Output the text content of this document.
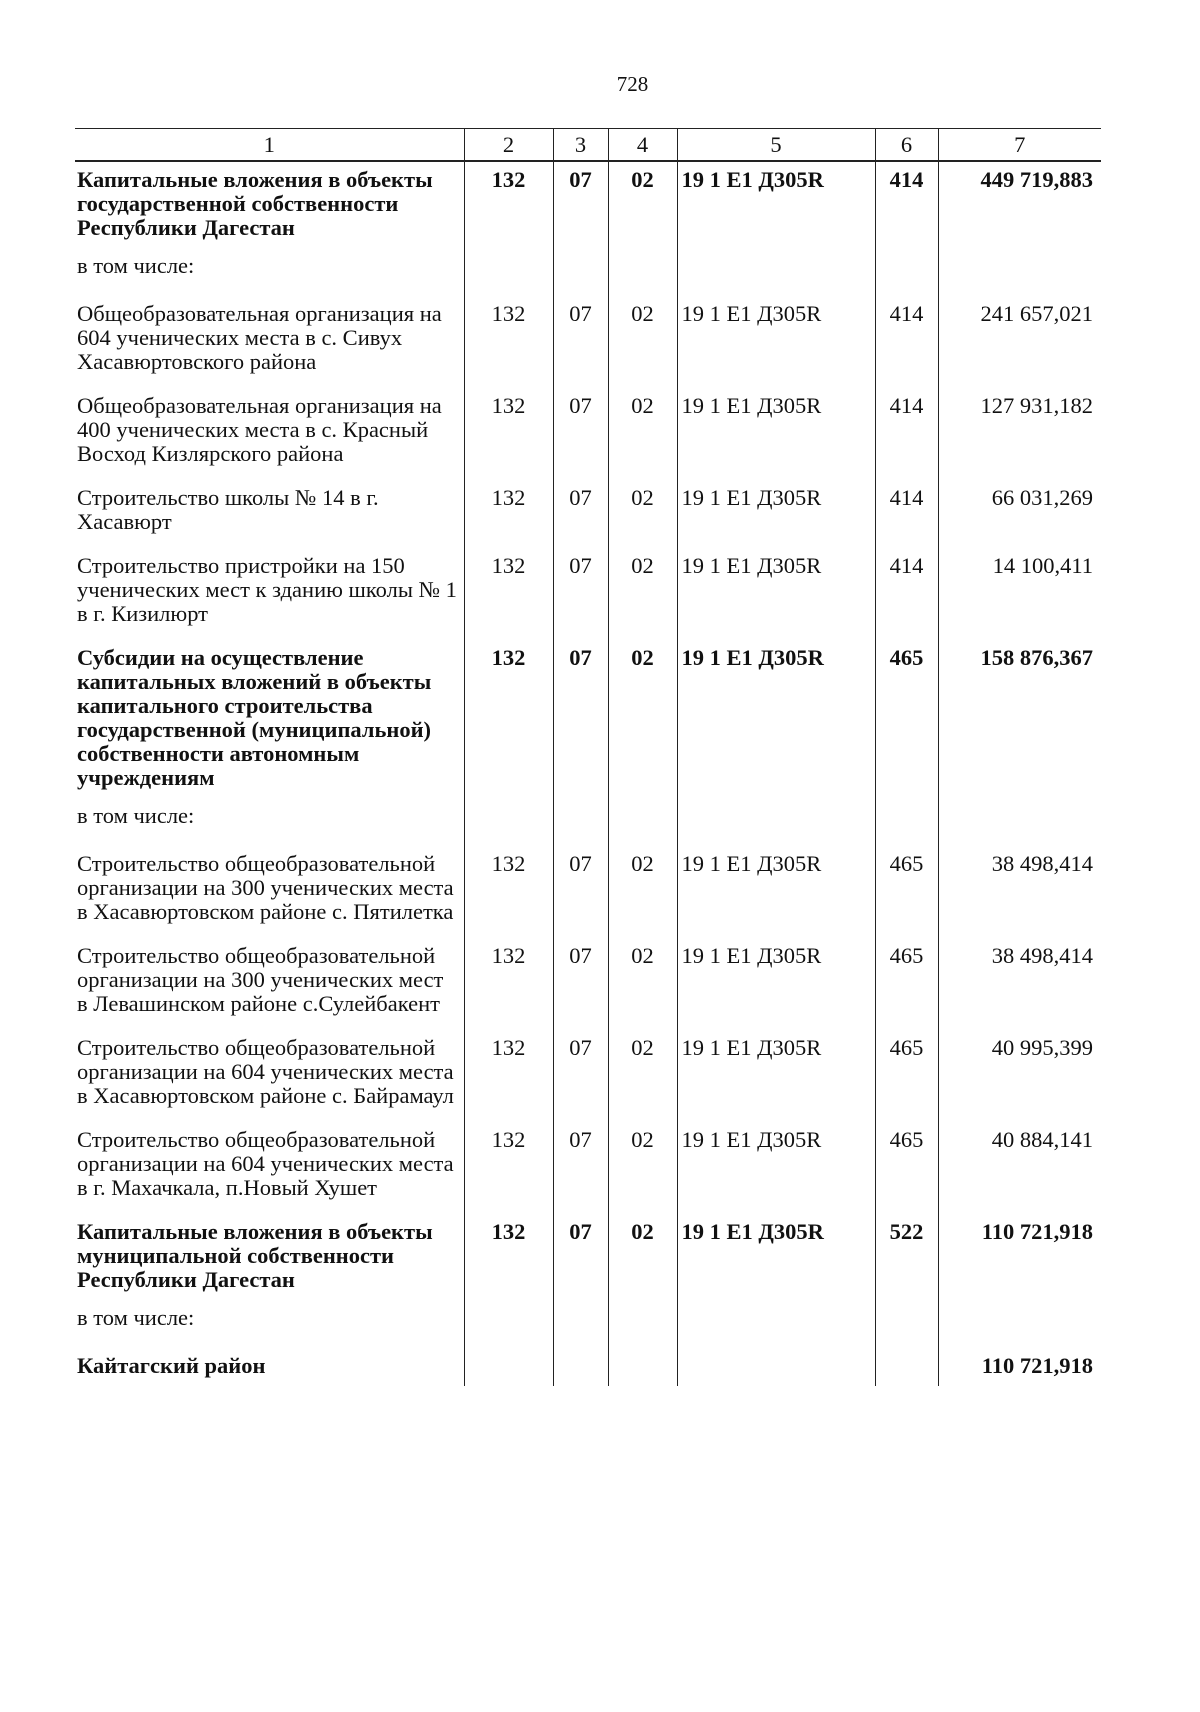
728
1	2	3	4	5	6	7
Капитальные вложения в объекты государственной собственности Республики Дагестан	132	07	02	19 1 Е1 Д305R	414	449 719,883
в том числе:						
Общеобразовательная организация на 604 ученических места в с. Сивух Хасавюртовского района	132	07	02	19 1 Е1 Д305R	414	241 657,021
Общеобразовательная организация на 400 ученических места в с. Красный Восход Кизлярского района	132	07	02	19 1 Е1 Д305R	414	127 931,182
Строительство школы № 14 в г. Хасавюрт	132	07	02	19 1 Е1 Д305R	414	66 031,269
Строительство пристройки на 150 ученических мест к зданию школы № 1 в г. Кизилюрт	132	07	02	19 1 Е1 Д305R	414	14 100,411
Субсидии на осуществление капитальных вложений в объекты капитального строительства государственной (муниципальной) собственности автономным учреждениям	132	07	02	19 1 Е1 Д305R	465	158 876,367
в том числе:						
Строительство общеобразовательной организации на 300 ученических места в Хасавюртовском районе с. Пятилетка	132	07	02	19 1 Е1 Д305R	465	38 498,414
Строительство общеобразовательной организации на 300 ученических мест в Левашинском районе с.Сулейбакент	132	07	02	19 1 Е1 Д305R	465	38 498,414
Строительство общеобразовательной организации на 604 ученических места в Хасавюртовском районе с. Байрамаул	132	07	02	19 1 Е1 Д305R	465	40 995,399
Строительство общеобразовательной организации на 604 ученических места в г. Махачкала, п.Новый Хушет	132	07	02	19 1 Е1 Д305R	465	40 884,141
Капитальные вложения в объекты муниципальной собственности Республики Дагестан	132	07	02	19 1 Е1 Д305R	522	110 721,918
в том числе:						
Кайтагский район						110 721,918
